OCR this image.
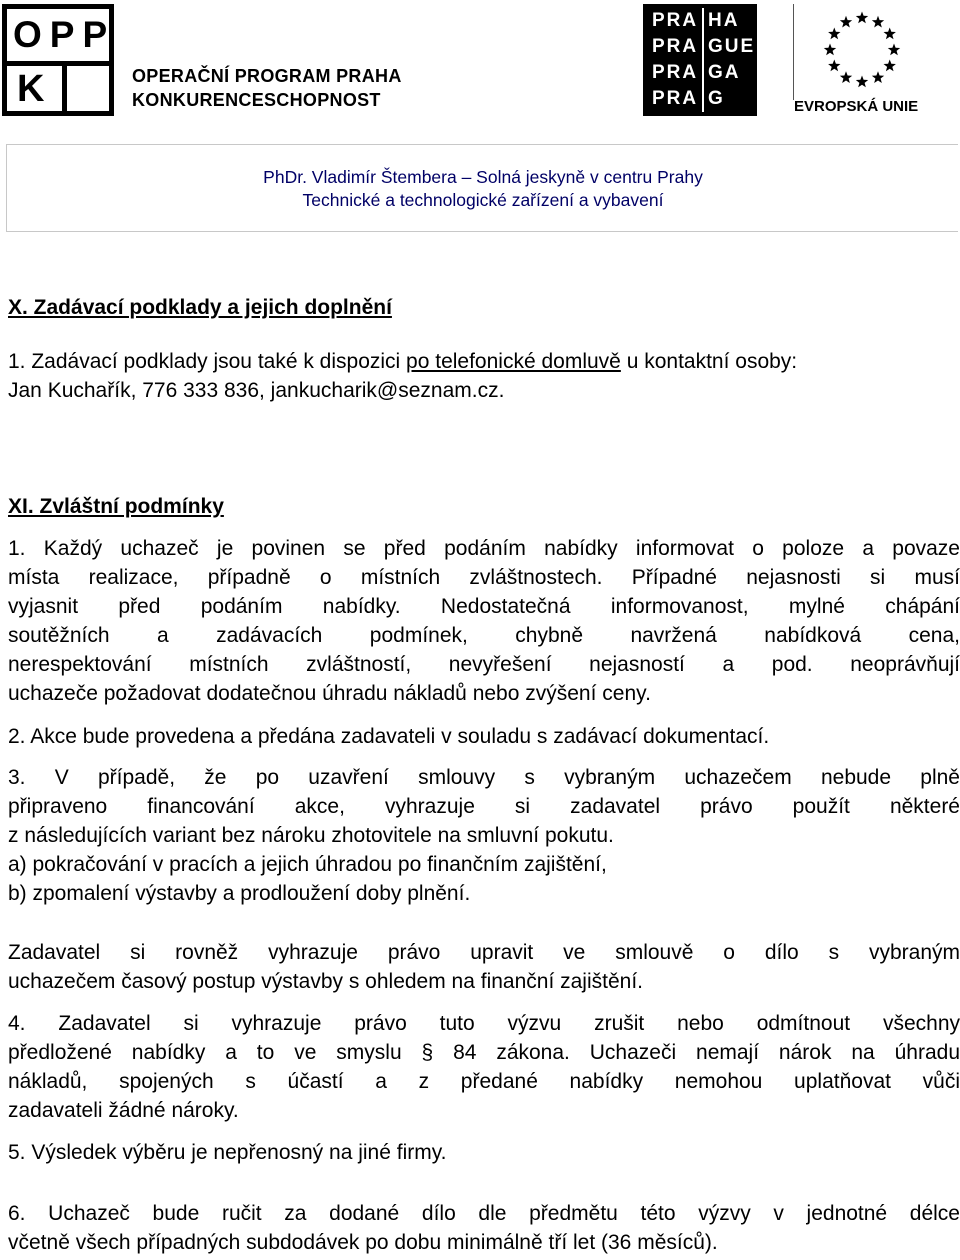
OPP
K	OPERAČNÍ PROGRAM PRAHA
KONKURENCESCHOPNOST
PRA HA
PRA GUE
PRA GA
PRA G	EVROPSKÁ UNIE
PhDr. Vladimír Štembera – Solná jeskyně v centru Prahy
Technické a technologické zařízení a vybavení
X. Zadávací podklady a jejich doplnění
1. Zadávací podklady jsou také k dispozici po telefonické domluvě u kontaktní osoby:
Jan Kuchařík, 776 333 836, jankucharik@seznam.cz.
XI. Zvláštní podmínky
1. Každý uchazeč je povinen se před podáním nabídky informovat o poloze a povaze
místa realizace, případně o místních zvláštnostech. Případné nejasnosti si musí
vyjasnit před podáním nabídky. Nedostatečná informovanost, mylné chápání
soutěžních a zadávacích podmínek, chybně navržená nabídková cena,
nerespektování místních zvláštností, nevyřešení nejasností a pod. neoprávňují
uchazeče požadovat dodatečnou úhradu nákladů nebo zvýšení ceny.
2. Akce bude provedena a předána zadavateli v souladu s zadávací dokumentací.
3. V případě, že po uzavření smlouvy s vybraným uchazečem nebude plně
připraveno financování akce, vyhrazuje si zadavatel právo použít některé
z následujících variant bez nároku zhotovitele na smluvní pokutu.
a) pokračování v pracích a jejich úhradou po finančním zajištění,
b) zpomalení výstavby a prodloužení doby plnění.
Zadavatel si rovněž vyhrazuje právo upravit ve smlouvě o dílo s vybraným
uchazečem časový postup výstavby s ohledem na finanční zajištění.
4. Zadavatel si vyhrazuje právo tuto výzvu zrušit nebo odmítnout všechny
předložené nabídky a to ve smyslu § 84 zákona. Uchazeči nemají nárok na úhradu
nákladů, spojených s účastí a z předané nabídky nemohou uplatňovat vůči
zadavateli žádné nároky.
5. Výsledek výběru je nepřenosný na jiné firmy.
6. Uchazeč bude ručit za dodané dílo dle předmětu této výzvy v jednotné délce
včetně všech případných subdodávek po dobu minimálně tří let (36 měsíců).
